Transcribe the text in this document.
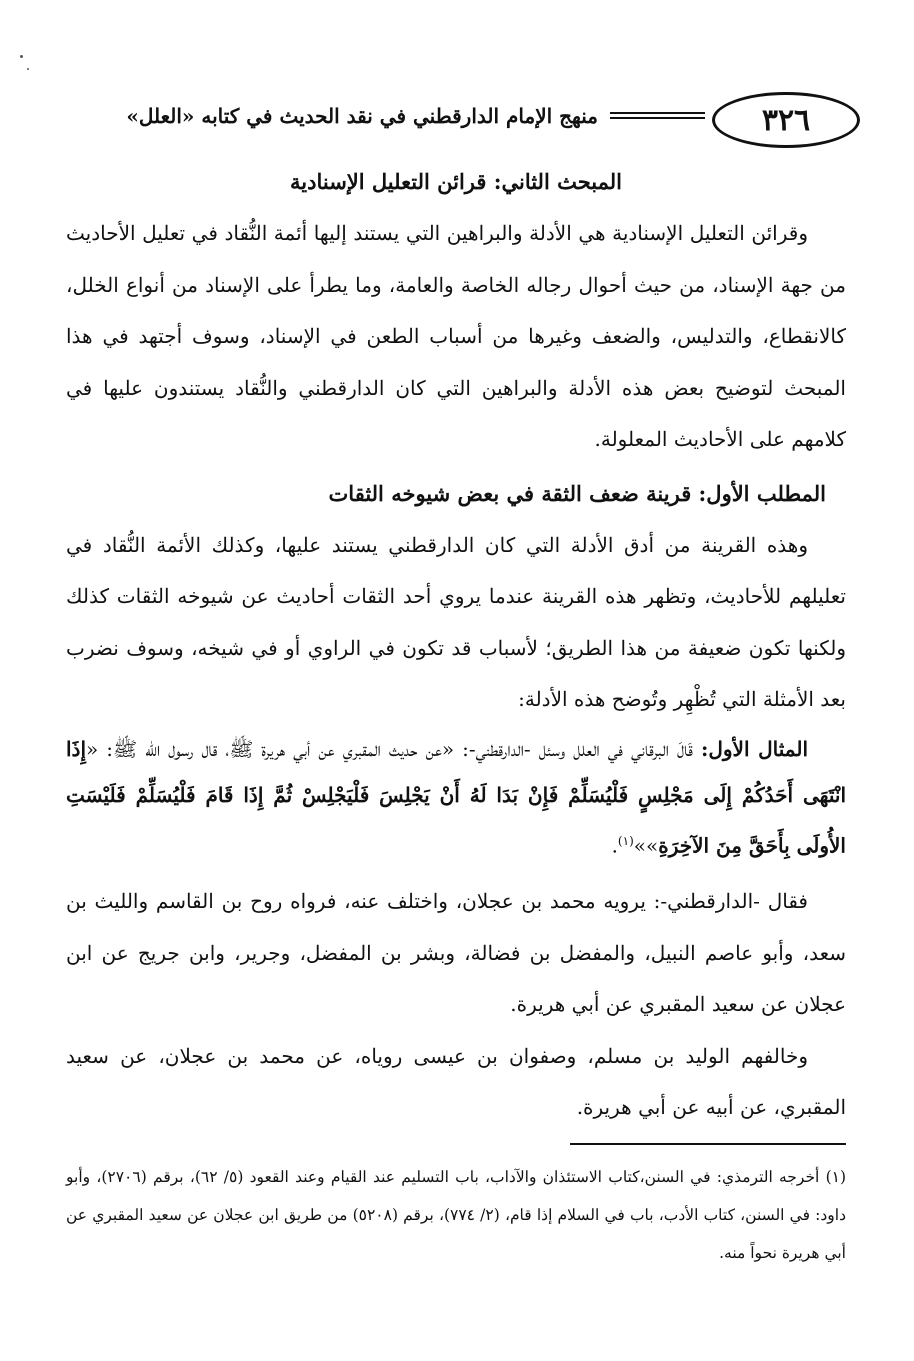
٣٢٦
منهج الإمام الدارقطني في نقد الحديث في كتابه «العلل»
المبحث الثاني: قرائن التعليل الإسنادية

وقرائن التعليل الإسنادية هي الأدلة والبراهين التي يستند إليها أئمة النُّقاد في تعليل الأحاديث من جهة الإسناد، من حيث أحوال رجاله الخاصة والعامة، وما يطرأ على الإسناد من أنواع الخلل، كالانقطاع، والتدليس، والضعف وغيرها من أسباب الطعن في الإسناد، وسوف أجتهد في هذا المبحث لتوضيح بعض هذه الأدلة والبراهين التي كان الدارقطني والنُّقاد يستندون عليها في كلامهم على الأحاديث المعلولة.

المطلب الأول: قرينة ضعف الثقة في بعض شيوخه الثقات

وهذه القرينة من أدق الأدلة التي كان الدارقطني يستند عليها، وكذلك الأئمة النُّقاد في تعليلهم للأحاديث، وتظهر هذه القرينة عندما يروي أحد الثقات أحاديث عن شيوخه الثقات كذلك ولكنها تكون ضعيفة من هذا الطريق؛ لأسباب قد تكون في الراوي أو في شيخه، وسوف نضرب بعد الأمثلة التي تُظْهِر وتُوضح هذه الأدلة:

المثال الأول: قَالَ البرقاني في العلل وسئل -الدارقطني-: «عن حديث المقبري عن أبي هريرة ﷺ، قال رسول الله ﷺ: «إِذَا انْتَهَى أَحَدُكُمْ إِلَى مَجْلِسٍ فَلْيُسَلِّمْ فَإِنْ بَدَا لَهُ أَنْ يَجْلِسَ فَلْيَجْلِسْ ثُمَّ إِذَا قَامَ فَلْيُسَلِّمْ فَلَيْسَتِ الأُولَى بِأَحَقَّ مِنَ الآخِرَةِ»»$^{(١)}$.

فقال -الدارقطني-: يرويه محمد بن عجلان، واختلف عنه، فرواه روح بن القاسم والليث بن سعد، وأبو عاصم النبيل، والمفضل بن فضالة، وبشر بن المفضل، وجرير، وابن جريج عن ابن عجلان عن سعيد المقبري عن أبي هريرة.

وخالفهم الوليد بن مسلم، وصفوان بن عيسى روياه، عن محمد بن عجلان، عن سعيد المقبري، عن أبيه عن أبي هريرة.

(١) أخرجه الترمذي: في السنن،كتاب الاستئذان والآداب، باب التسليم عند القيام وعند القعود (٥/ ٦٢)، برقم (٢٧٠٦)، وأبو داود: في السنن، كتاب الأدب، باب في السلام إذا قام، (٢/ ٧٧٤)، برقم (٥٢٠٨) من طريق ابن عجلان عن سعيد المقبري عن أبي هريرة نحواً منه.
